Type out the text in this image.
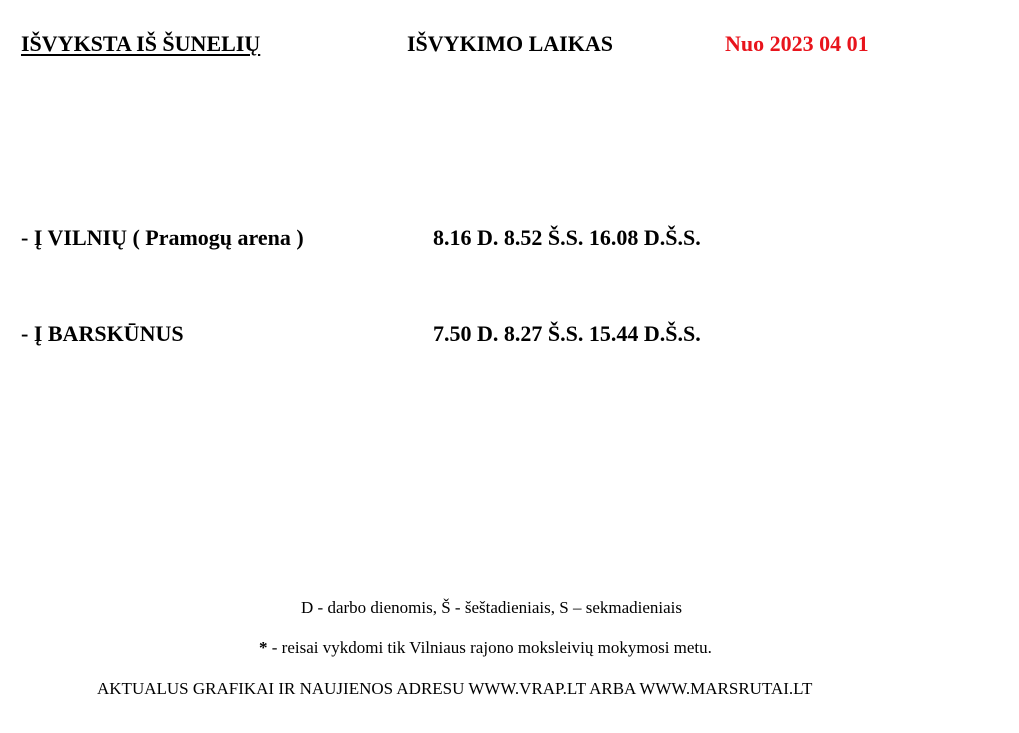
IŠVYKSTA IŠ ŠUNELIŲ	IŠVYKIMO LAIKAS	Nuo 2023 04 01
- Į VILNIŲ ( Pramogų arena )	8.16 D. 8.52 Š.S. 16.08 D.Š.S.
- Į BARSKŪNUS	7.50 D. 8.27 Š.S. 15.44 D.Š.S.
D - darbo dienomis, Š - šeštadieniais, S – sekmadieniais
* - reisai vykdomi tik Vilniaus rajono moksleivių mokymosi metu.
AKTUALUS GRAFIKAI IR NAUJIENOS ADRESU WWW.VRAP.LT ARBA WWW.MARSRUTAI.LT
